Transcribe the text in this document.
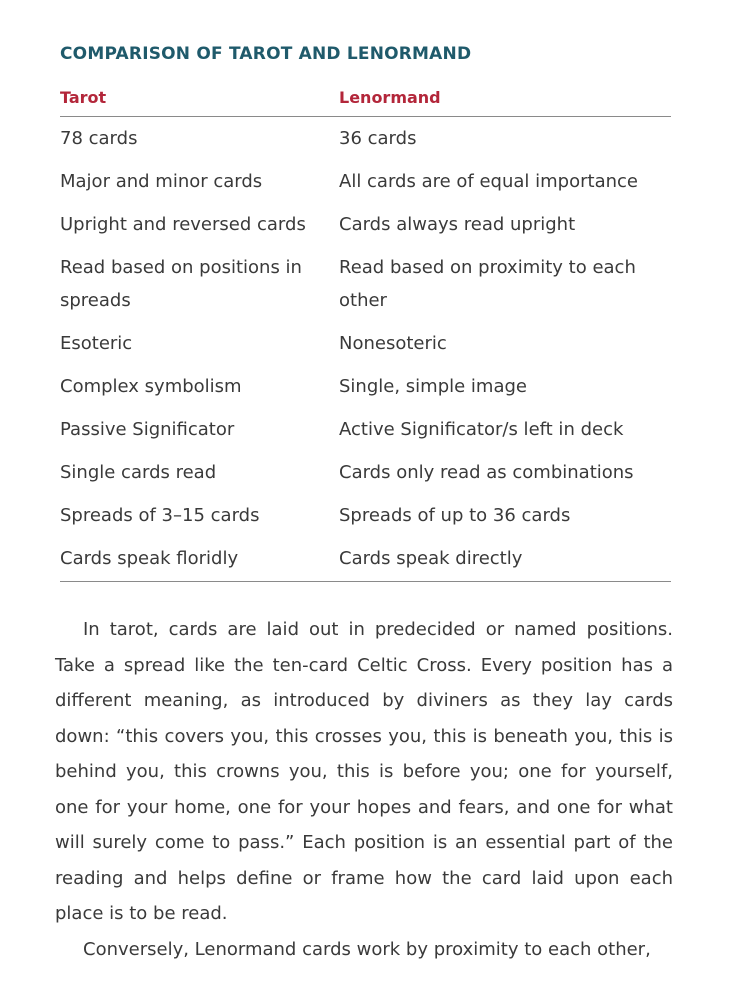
COMPARISON OF TAROT AND LENORMAND
Tarot	Lenormand
78 cards	36 cards
Major and minor cards	All cards are of equal importance
Upright and reversed cards	Cards always read upright
Read based on positions in spreads	Read based on proximity to each other
Esoteric	Nonesoteric
Complex symbolism	Single, simple image
Passive Significator	Active Significator/s left in deck
Single cards read	Cards only read as combinations
Spreads of 3–15 cards	Spreads of up to 36 cards
Cards speak floridly	Cards speak directly

In tarot, cards are laid out in predecided or named positions. Take a spread like the ten-card Celtic Cross. Every position has a different meaning, as introduced by diviners as they lay cards down: “this covers you, this crosses you, this is beneath you, this is behind you, this crowns you, this is before you; one for yourself, one for your home, one for your hopes and fears, and one for what will surely come to pass.” Each position is an essential part of the reading and helps define or frame how the card laid upon each place is to be read.

Conversely, Lenormand cards work by proximity to each other,
